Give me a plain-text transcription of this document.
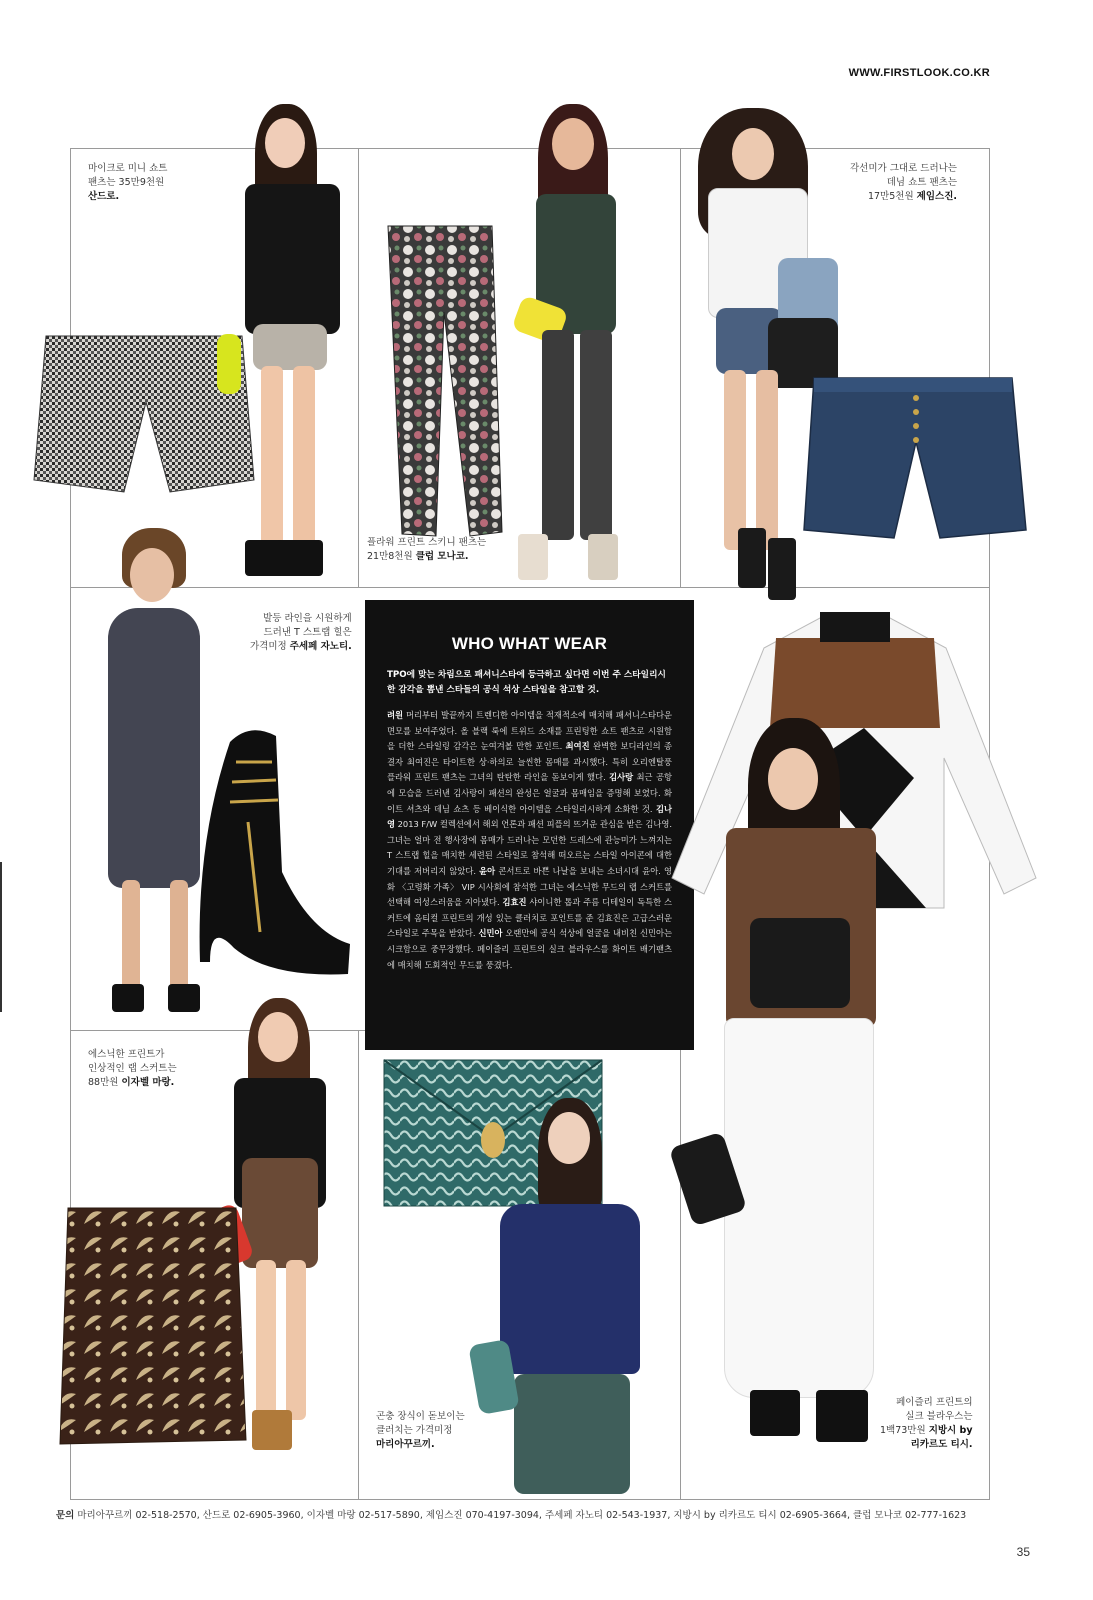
WWW.FIRSTLOOK.CO.KR
마이크로 미니 쇼트
팬츠는 35만9천원
산드로.
플라워 프린트 스키니 팬츠는
21만8천원 클럽 모나코.
각선미가 그대로 드러나는
데님 쇼트 팬츠는
17만5천원 제임스진.
발등 라인을 시원하게
드러낸 T 스트랩 힐은
가격미정 주세페 자노티.	WHO WHAT WEAR

TPO에 맞는 차림으로 패셔니스타에 등극하고 싶다면 이번 주 스타일리시한 감각을 뽐낸 스타들의 공식 석상 스타일을 참고할 것.

려원 머리부터 발끝까지 트렌디한 아이템을 적재적소에 매치해 패셔니스타다운 면모를 보여주었다. 올 블랙 룩에 트위드 소재를 프린팅한 쇼트 팬츠로 시원함을 더한 스타일링 감각은 눈여겨볼 만한 포인트. 최여진 완벽한 보디라인의 종결자 최여진은 타이트한 상·하의로 늘씬한 몸매를 과시했다. 특히 오리엔탈풍 플라워 프린트 팬츠는 그녀의 탄탄한 라인을 돋보이게 했다. 김사랑 최근 공항에 모습을 드러낸 김사랑이 패션의 완성은 얼굴과 몸매임을 증명해 보였다. 화이트 셔츠와 데님 쇼츠 등 베이식한 아이템을 스타일리시하게 소화한 것. 김나영 2013 F/W 컬렉션에서 해외 언론과 패션 피플의 뜨거운 관심을 받은 김나영. 그녀는 얼마 전 행사장에 몸매가 드러나는 모던한 드레스에 관능미가 느껴지는 T 스트랩 힐을 매치한 세련된 스타일로 참석해 떠오르는 스타일 아이콘에 대한 기대를 저버리지 않았다. 윤아 콘서트로 바쁜 나날을 보내는 소녀시대 윤아. 영화 〈고령화 가족〉 VIP 시사회에 참석한 그녀는 에스닉한 무드의 랩 스커트를 선택해 여성스러움을 지아냈다. 김효진 샤이니한 톱과 주름 디테일이 독특한 스커트에 옴티컬 프린트의 개성 있는 클러치로 포인트를 준 김효진은 고급스러운 스타일로 주목을 받았다. 신민아 오랜만에 공식 석상에 얼굴을 내비친 신민아는 시크함으로 중무장했다. 페이즐리 프린트의 실크 블라우스를 화이트 배기팬츠에 매치해 도회적인 무드를 풍겼다.

페이즐리 프린트의
실크 블라우스는
1백73만원 지방시 by
리카르도 티시.
에스닉한 프린트가
인상적인 랩 스커트는
88만원 이자벨 마랑.
곤충 장식이 돋보이는
클러치는 가격미정
마리아꾸르끼.
문의 마리아꾸르끼 02-518-2570, 산드로 02-6905-3960, 이자벨 마랑 02-517-5890, 제임스진 070-4197-3094, 주세페 자노티 02-543-1937, 지방시 by 리카르도 티시 02-6905-3664, 클럽 모나코 02-777-1623
35
